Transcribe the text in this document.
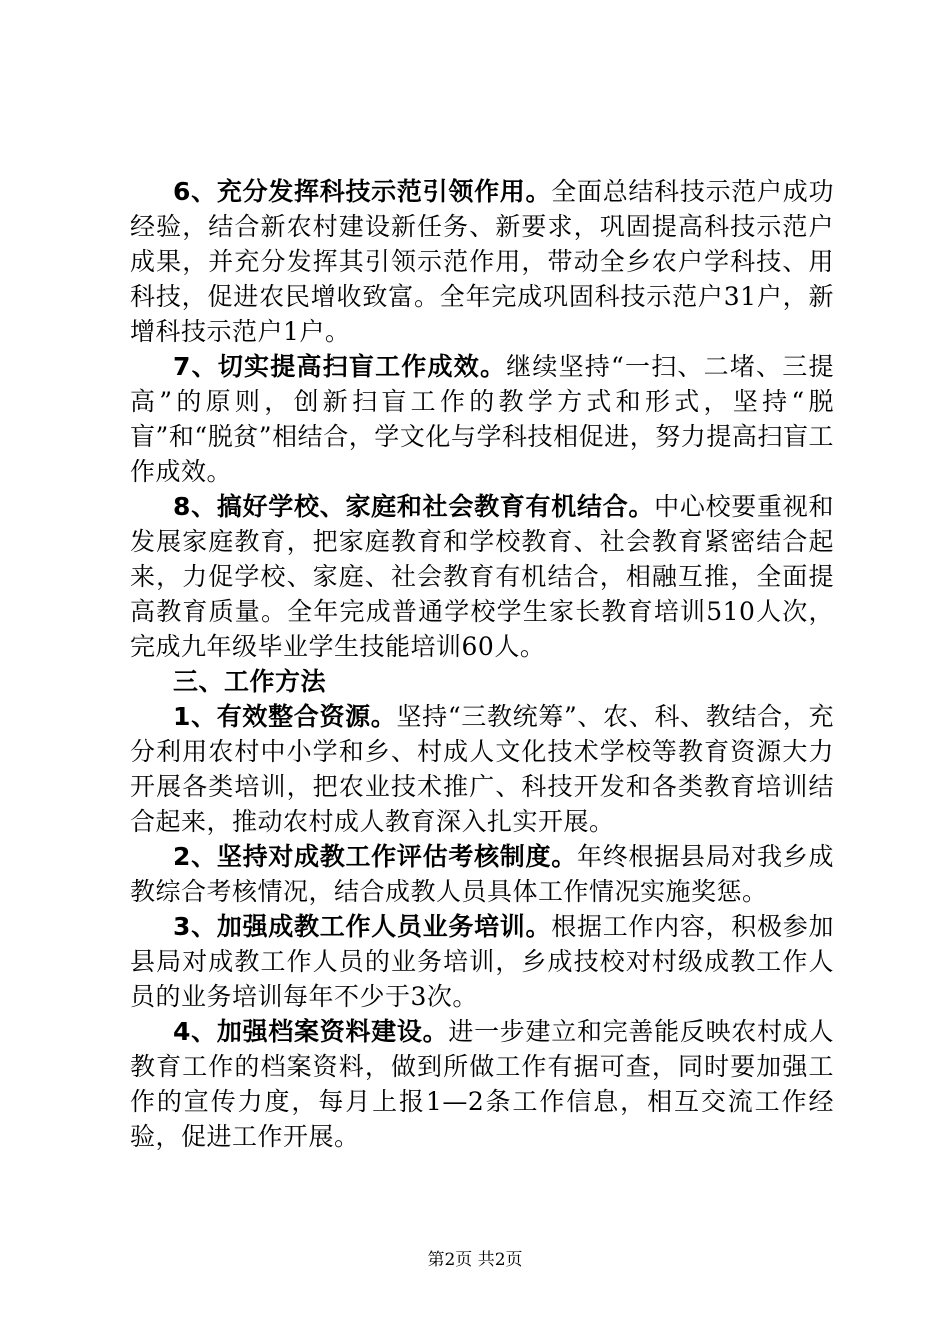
6、充分发挥科技示范引领作用。全面总结科技示范户成功经验，结合新农村建设新任务、新要求，巩固提高科技示范户成果，并充分发挥其引领示范作用，带动全乡农户学科技、用科技，促进农民增收致富。全年完成巩固科技示范户31户，新增科技示范户1户。

7、切实提高扫盲工作成效。继续坚持“一扫、二堵、三提高”的原则，创新扫盲工作的教学方式和形式，坚持“脱盲”和“脱贫”相结合，学文化与学科技相促进，努力提高扫盲工作成效。

8、搞好学校、家庭和社会教育有机结合。中心校要重视和发展家庭教育，把家庭教育和学校教育、社会教育紧密结合起来，力促学校、家庭、社会教育有机结合，相融互推，全面提高教育质量。全年完成普通学校学生家长教育培训510人次，完成九年级毕业学生技能培训60人。

三、工作方法

1、有效整合资源。坚持“三教统筹”、农、科、教结合，充分利用农村中小学和乡、村成人文化技术学校等教育资源大力开展各类培训，把农业技术推广、科技开发和各类教育培训结合起来，推动农村成人教育深入扎实开展。

2、坚持对成教工作评估考核制度。年终根据县局对我乡成教综合考核情况，结合成教人员具体工作情况实施奖惩。

3、加强成教工作人员业务培训。根据工作内容，积极参加县局对成教工作人员的业务培训，乡成技校对村级成教工作人员的业务培训每年不少于3次。

4、加强档案资料建设。进一步建立和完善能反映农村成人教育工作的档案资料，做到所做工作有据可查，同时要加强工作的宣传力度，每月上报1—2条工作信息，相互交流工作经验，促进工作开展。

第2页 共2页
